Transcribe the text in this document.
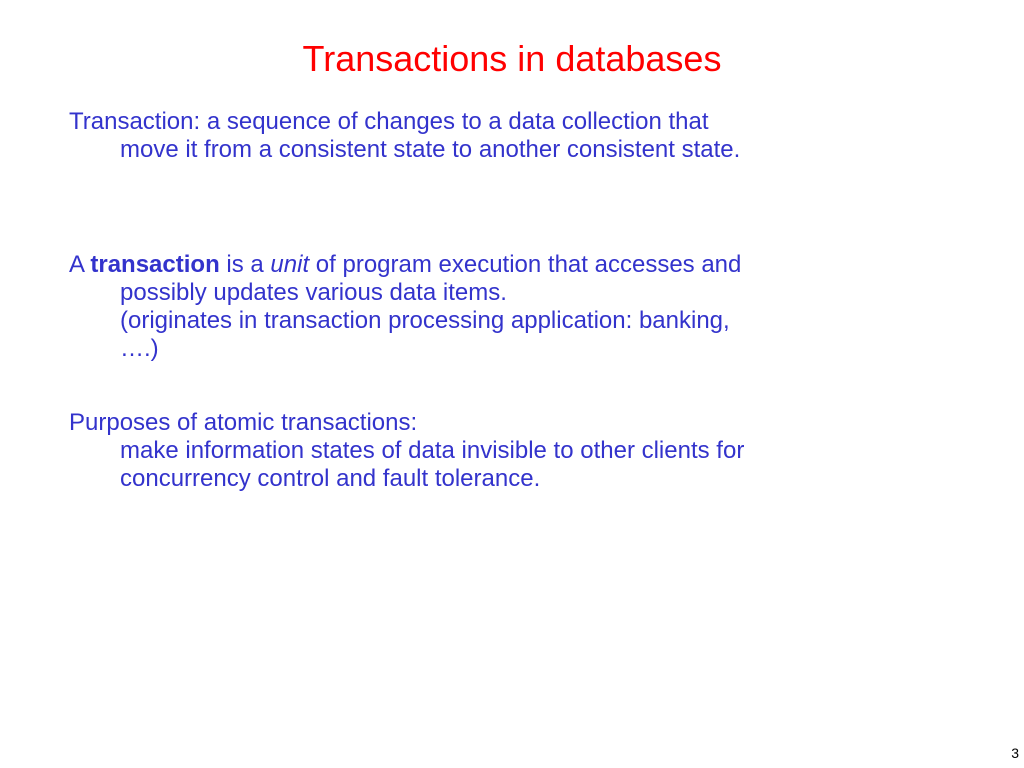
Transactions in databases
Transaction: a sequence of changes to a data collection that
move it from a consistent state to another consistent state.
A transaction is a unit of program execution that accesses and
possibly updates various data items.
(originates in transaction processing application: banking,
….)
Purposes of atomic transactions:
make information states of data invisible to other clients for
concurrency control and fault tolerance.
3
